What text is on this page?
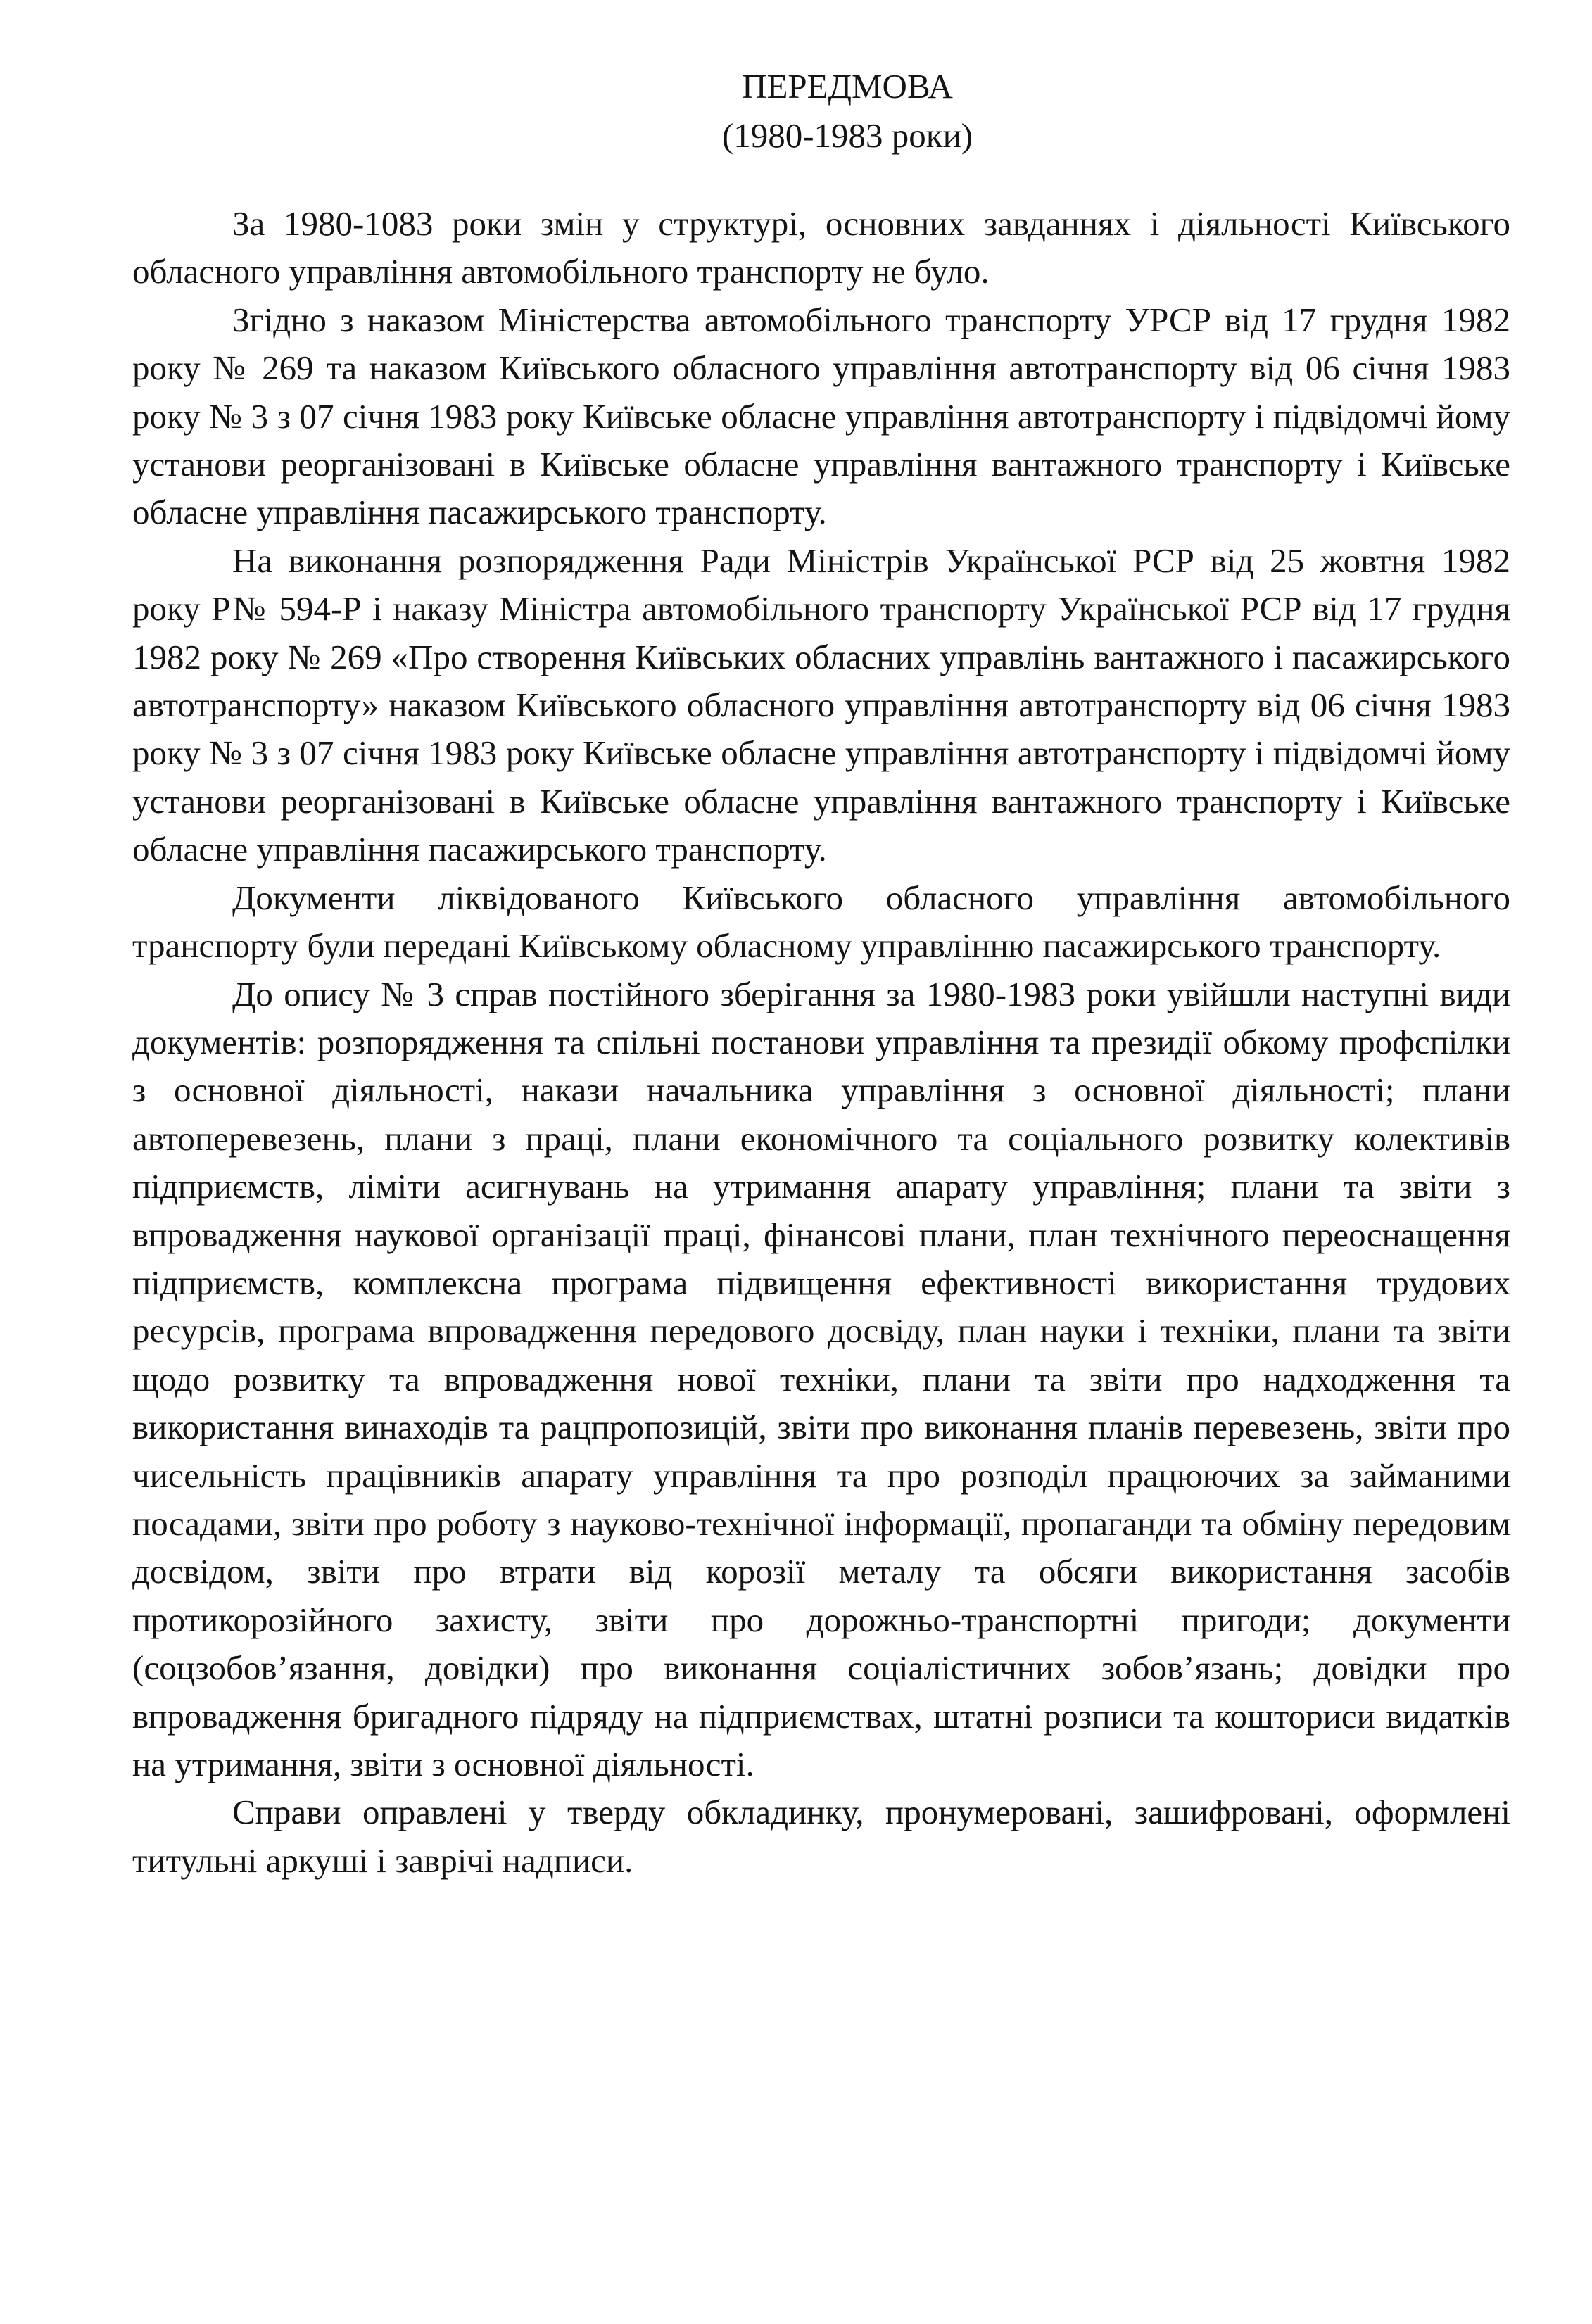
ПЕРЕДМОВА
(1980-1983 роки)

За 1980-1083 роки змін у структурі, основних завданнях і діяльності Київського обласного управління автомобільного транспорту не було.

Згідно з наказом Міністерства автомобільного транспорту УРСР від 17 грудня 1982 року № 269 та наказом Київського обласного управління автотранспорту від 06 січня 1983 року № 3 з 07 січня 1983 року Київське обласне управління автотранспорту і підвідомчі йому установи реорганізовані в Київське обласне управління вантажного транспорту і Київське обласне управління пасажирського транспорту.

На виконання розпорядження Ради Міністрів Української РСР від 25 жовтня 1982 року Р№ 594-Р і наказу Міністра автомобільного транспорту Української РСР від 17 грудня 1982 року № 269 «Про створення Київських обласних управлінь вантажного і пасажирського автотранспорту» наказом Київського обласного управління автотранспорту від 06 січня 1983 року № 3 з 07 січня 1983 року Київське обласне управління автотранспорту і підвідомчі йому установи реорганізовані в Київське обласне управління вантажного транспорту і Київське обласне управління пасажирського транспорту.

Документи ліквідованого Київського обласного управління автомобільного транспорту були передані Київському обласному управлінню пасажирського транспорту.

До опису № 3 справ постійного зберігання за 1980-1983 роки увійшли наступні види документів: розпорядження та спільні постанови управління та президії обкому профспілки з основної діяльності, накази начальника управління з основної діяльності; плани автоперевезень, плани з праці, плани економічного та соціального розвитку колективів підприємств, ліміти асигнувань на утримання апарату управління; плани та звіти з впровадження наукової організації праці, фінансові плани, план технічного переоснащення підприємств, комплексна програма підвищення ефективності використання трудових ресурсів, програма впровадження передового досвіду, план науки і техніки, плани та звіти щодо розвитку та впровадження нової техніки, плани та звіти про надходження та використання винаходів та рацпропозицій, звіти про виконання планів перевезень, звіти про чисельність працівників апарату управління та про розподіл працюючих за займаними посадами, звіти про роботу з науково-технічної інформації, пропаганди та обміну передовим досвідом, звіти про втрати від корозії металу та обсяги використання засобів протикорозійного захисту, звіти про дорожньо-транспортні пригоди; документи (соцзобов’язання, довідки) про виконання соціалістичних зобов’язань; довідки про впровадження бригадного підряду на підприємствах, штатні розписи та кошториси видатків на утримання, звіти з основної діяльності.

Справи оправлені у тверду обкладинку, пронумеровані, зашифровані, оформлені титульні аркуші і заврічі надписи.
